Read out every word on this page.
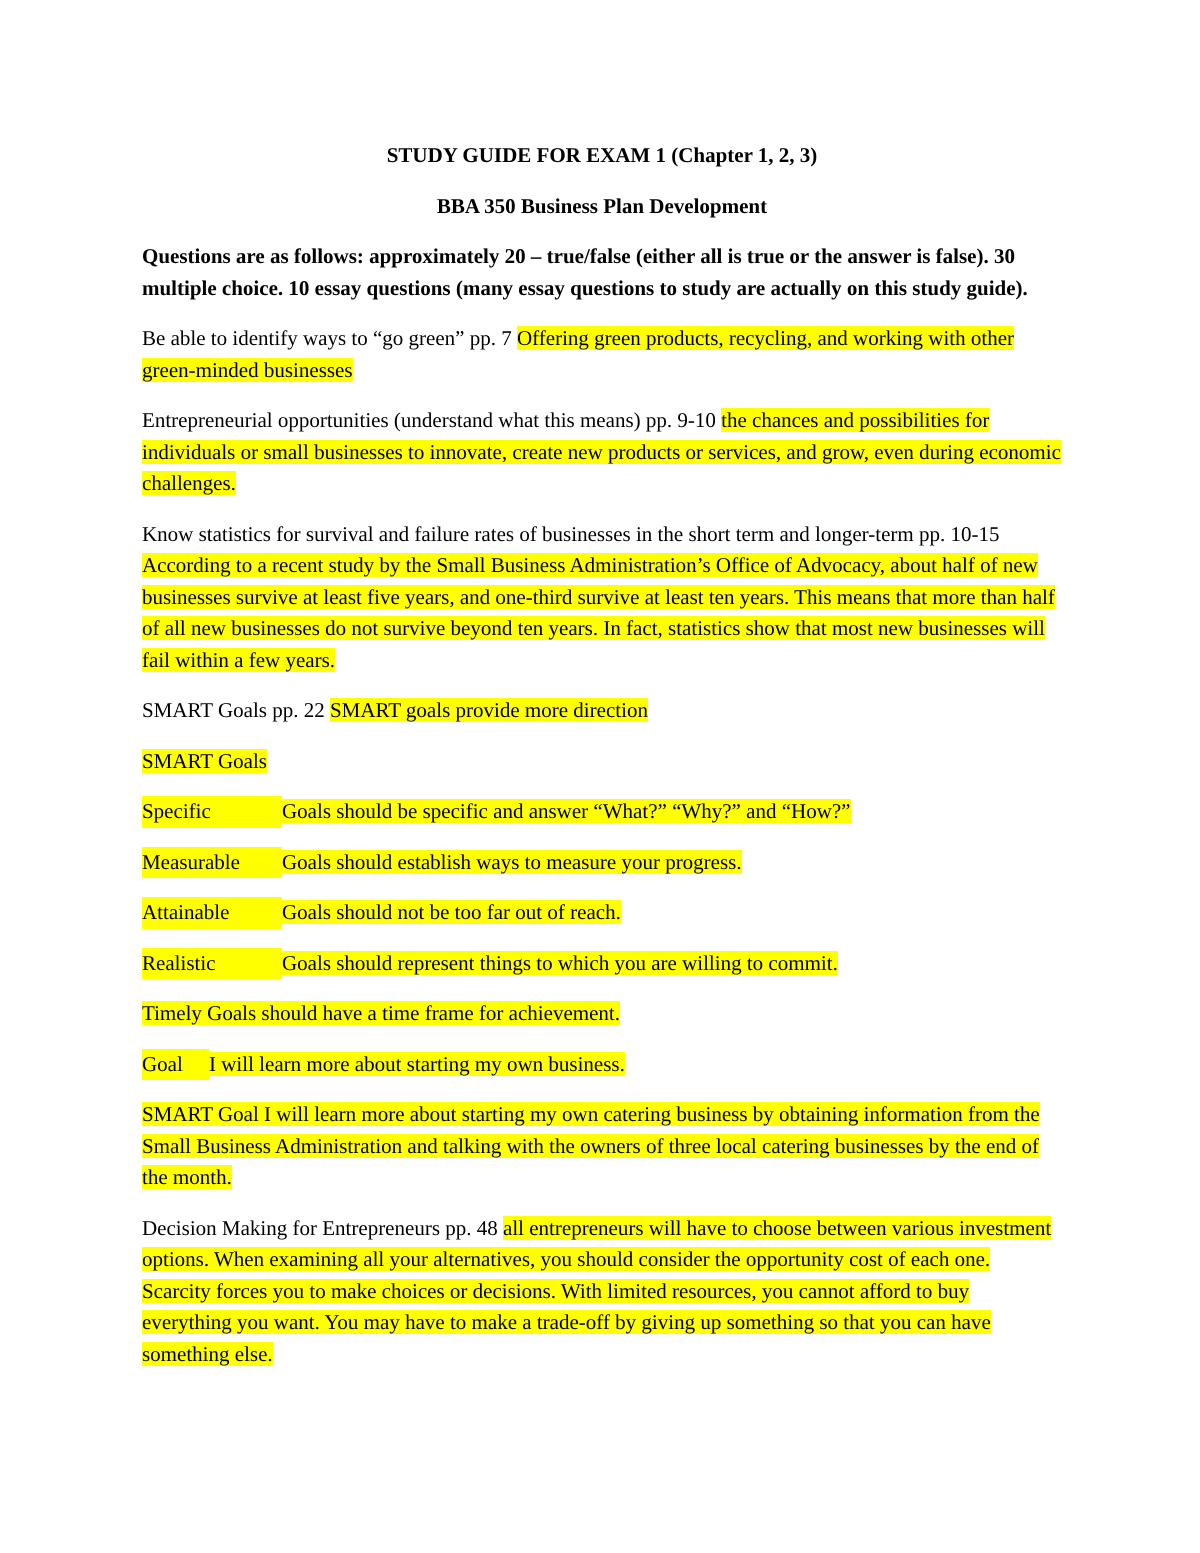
STUDY GUIDE FOR EXAM 1 (Chapter 1, 2, 3)

BBA 350 Business Plan Development

Questions are as follows: approximately 20 – true/false (either all is true or the answer is false). 30 multiple choice. 10 essay questions (many essay questions to study are actually on this study guide).

Be able to identify ways to “go green” pp. 7 Offering green products, recycling, and working with other green-minded businesses

Entrepreneurial opportunities (understand what this means) pp. 9-10 the chances and possibilities for individuals or small businesses to innovate, create new products or services, and grow, even during economic challenges.

Know statistics for survival and failure rates of businesses in the short term and longer-term pp. 10-15 According to a recent study by the Small Business Administration’s Office of Advocacy, about half of new businesses survive at least five years, and one-third survive at least ten years. This means that more than half of all new businesses do not survive beyond ten years. In fact, statistics show that most new businesses will fail within a few years.

SMART Goals pp. 22 SMART goals provide more direction

SMART Goals

Specific	Goals should be specific and answer “What?” “Why?” and “How?”

Measurable Goals should establish ways to measure your progress.

Attainable	Goals should not be too far out of reach.

Realistic	Goals should represent things to which you are willing to commit.

Timely Goals should have a time frame for achievement.

Goal I will learn more about starting my own business.

SMART Goal I will learn more about starting my own catering business by obtaining information from the Small Business Administration and talking with the owners of three local catering businesses by the end of the month.

Decision Making for Entrepreneurs pp. 48 all entrepreneurs will have to choose between various investment options. When examining all your alternatives, you should consider the opportunity cost of each one. Scarcity forces you to make choices or decisions. With limited resources, you cannot afford to buy everything you want. You may have to make a trade-off by giving up something so that you can have something else.
